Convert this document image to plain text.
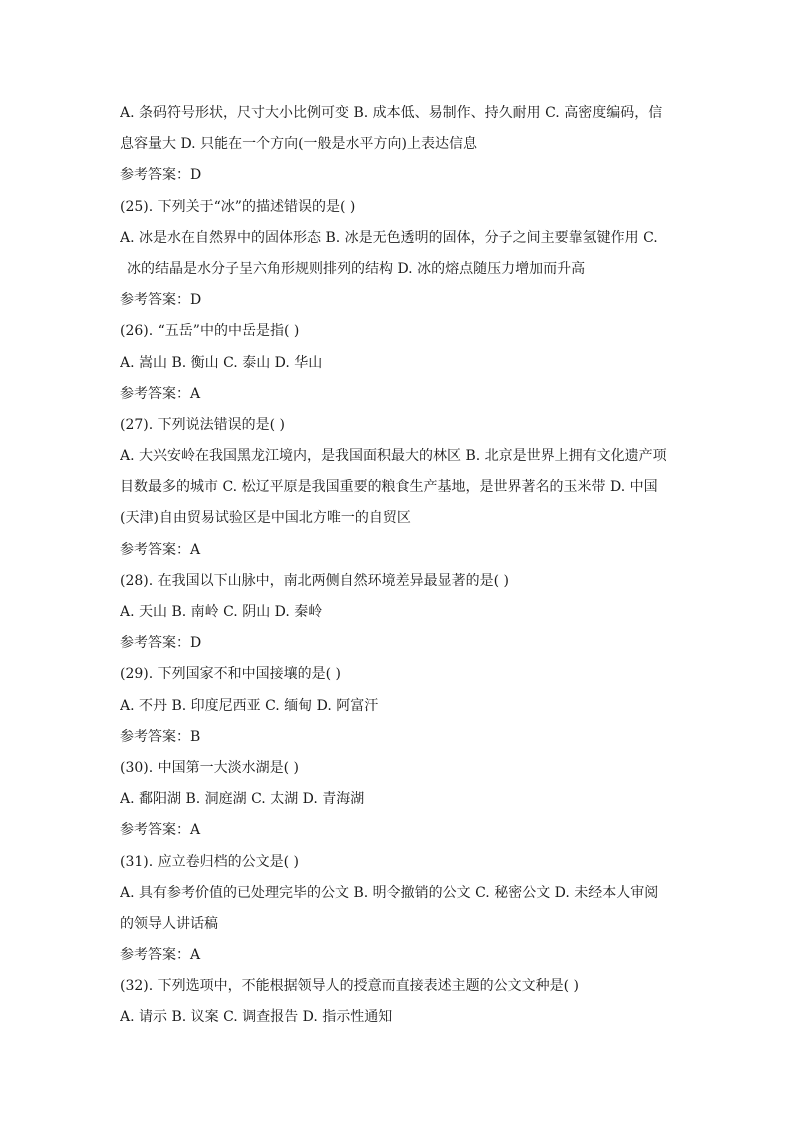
A. 条码符号形状，尺寸大小比例可变 B. 成本低、易制作、持久耐用 C. 高密度编码，信
息容量大 D. 只能在一个方向(一般是水平方向)上表达信息
参考答案：D
(25). 下列关于“冰”的描述错误的是( )
A. 冰是水在自然界中的固体形态 B. 冰是无色透明的固体，分子之间主要靠氢键作用 C.
冰的结晶是水分子呈六角形规则排列的结构 D. 冰的熔点随压力增加而升高
参考答案：D
(26). “五岳”中的中岳是指( )
A. 嵩山 B. 衡山 C. 泰山 D. 华山
参考答案：A
(27). 下列说法错误的是( )
A. 大兴安岭在我国黑龙江境内，是我国面积最大的林区 B. 北京是世界上拥有文化遗产项
目数最多的城市 C. 松辽平原是我国重要的粮食生产基地，是世界著名的玉米带 D. 中国
(天津)自由贸易试验区是中国北方唯一的自贸区
参考答案：A
(28). 在我国以下山脉中，南北两侧自然环境差异最显著的是( )
A. 天山 B. 南岭 C. 阴山 D. 秦岭
参考答案：D
(29). 下列国家不和中国接壤的是( )
A. 不丹 B. 印度尼西亚 C. 缅甸 D. 阿富汗
参考答案：B
(30). 中国第一大淡水湖是( )
A. 鄱阳湖 B. 洞庭湖 C. 太湖 D. 青海湖
参考答案：A
(31). 应立卷归档的公文是( )
A. 具有参考价值的已处理完毕的公文 B. 明令撤销的公文 C. 秘密公文 D. 未经本人审阅
的领导人讲话稿
参考答案：A
(32). 下列选项中，不能根据领导人的授意而直接表述主题的公文文种是( )
A. 请示 B. 议案 C. 调查报告 D. 指示性通知
